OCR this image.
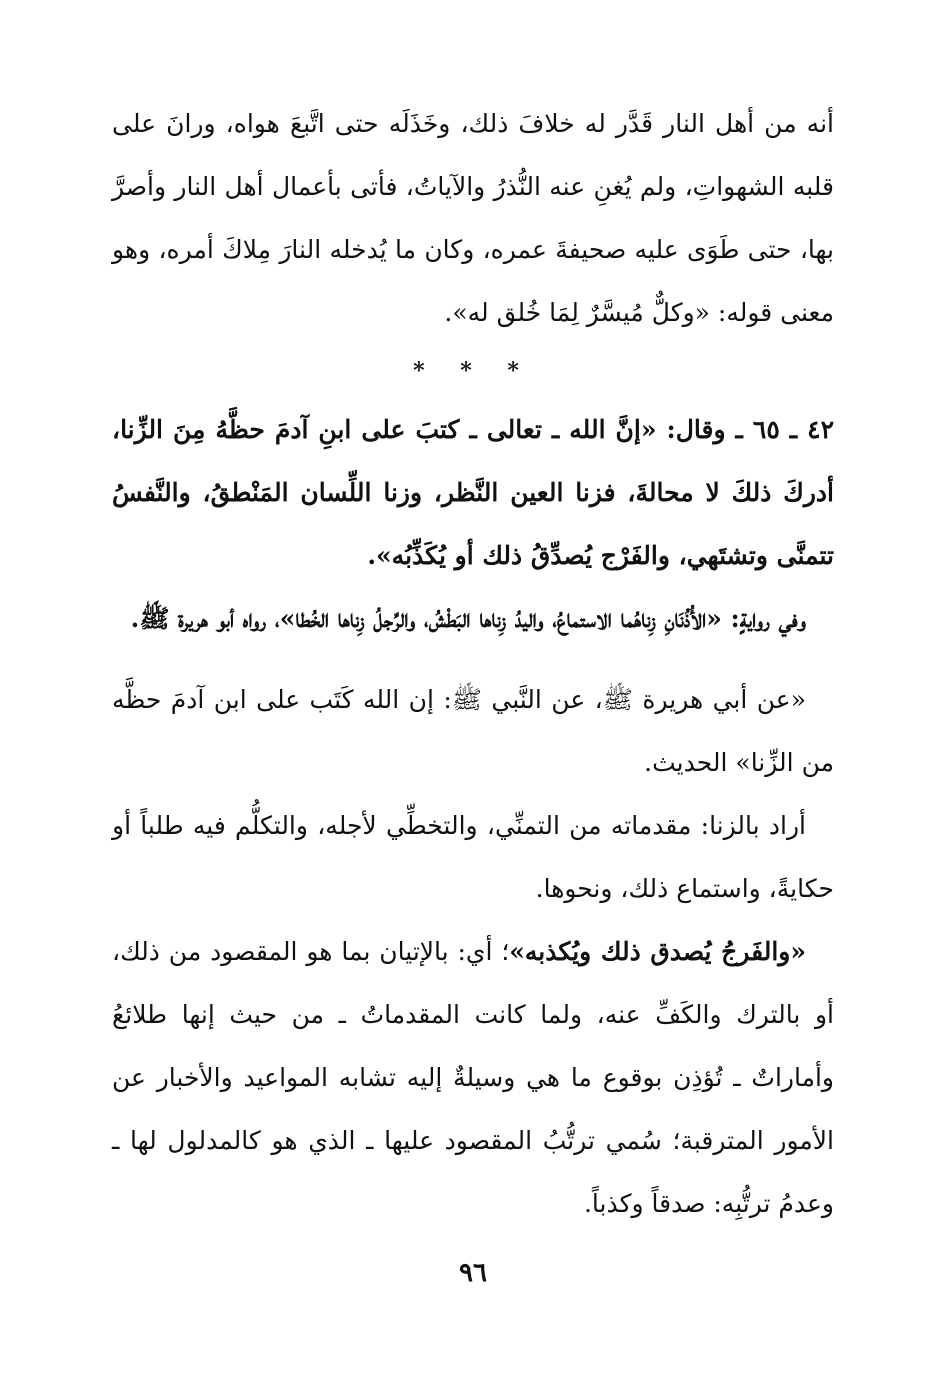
أنه من أهل النار قَدَّر له خلافَ ذلك، وخَذَلَه حتى اتَّبعَ هواه، ورانَ على قلبه الشهواتِ، ولم يُغنِ عنه النُّذرُ والآياتُ، فأتى بأعمال أهل النار وأصرَّ بها، حتى طَوَى عليه صحيفةَ عمره، وكان ما يُدخله النارَ مِلاكَ أمره، وهو معنى قوله: «وكلٌّ مُيسَّرٌ لِمَا خُلق له».

* * *

٤٢ ـ ٦٥ ـ وقال: «إنَّ الله ـ تعالى ـ كتبَ على ابنِ آدمَ حظَّهُ مِنَ الزِّنا، أدركَ ذلكَ لا محالةَ، فزنا العين النَّظر، وزنا اللِّسان المَنْطقُ، والنَّفسُ تتمنَّى وتشتَهي، والفَرْج يُصدِّقُ ذلك أو يُكَذِّبُه».

وفي روايةٍ: «الأُذُنَانِ زِناهُما الاستماعُ، واليدُ زِناها البَطْشُ، والرِّجلُ زِناها الخُطا»، رواه أبو هريرة ﷺ.

«عن أبي هريرة ﷺ، عن النَّبي ﷺ: إن الله كَتَب على ابن آدمَ حظَّه من الزِّنا» الحديث.

أراد بالزنا: مقدماته من التمنِّي، والتخطِّي لأجله، والتكلُّم فيه طلباً أو حكايةً، واستماع ذلك، ونحوها.

«والفَرجُ يُصدق ذلك ويُكذبه»؛ أي: بالإتيان بما هو المقصود من ذلك، أو بالترك والكَفِّ عنه، ولما كانت المقدماتُ ـ من حيث إنها طلائعُ وأماراتٌ ـ تُؤذِن بوقوع ما هي وسيلةٌ إليه تشابه المواعيد والأخبار عن الأمور المترقبة؛ سُمي ترتُّبُ المقصود عليها ـ الذي هو كالمدلول لها ـ وعدمُ ترتُّبِه: صدقاً وكذباً.

٩٦
